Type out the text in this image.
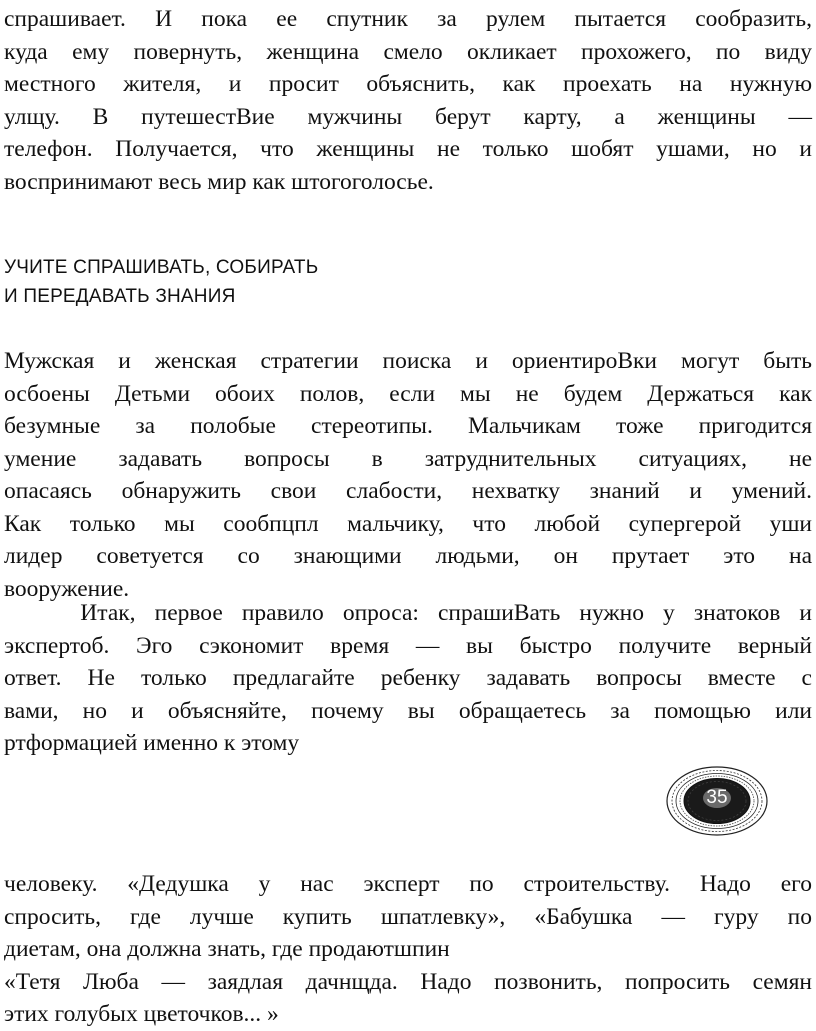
спрашивает. И пока ее спутник за рулем пытается сообразить,
куда ему повернуть, женщина смело окликает прохожего, по виду
местного жителя, и просит объяснить, как проехать на нужную
улщу. В путешестВие мужчины берут карту, а женщины —
телефон. Получается, что женщины не только шобят ушами, но и
воспринимают весь мир как штогоголосье.
УЧИТЕ СПРАШИВАТЬ, СОБИРАТЬ
И ПЕРЕДАВАТЬ ЗНАНИЯ
Мужская и женская стратегии поиска и ориентироВки могут быть
осбоены Детьми обоих полов, если мы не будем Держаться как
безумные за полобые стереотипы. Мальчикам тоже пригодится
умение задавать вопросы в затруднительных ситуациях, не
опасаясь обнаружить свои слабости, нехватку знаний и умений.
Как только мы сообпцпл мальчику, что любой супергерой уши
лидер советуется со знающими людьми, он прутает это на
вооружение.
Итак, первое правило опроса: спрашиВать нужно у знатоков и
экспертоб. Эго сэкономит время — вы быстро получите верный
ответ. Не только предлагайте ребенку задавать вопросы вместе с
вами, но и объясняйте, почему вы обращаетесь за помощью или
ртформацией именно к этому
35
человеку. «Дедушка у нас эксперт по строительству. Надо его
спросить, где лучше купить шпатлевку», «Бабушка — гуру по
диетам, она должна знать, где продаютшпин
«Тетя Люба — заядлая дачнщда. Надо позвонить, попросить семян
этих голубых цветочков... »
